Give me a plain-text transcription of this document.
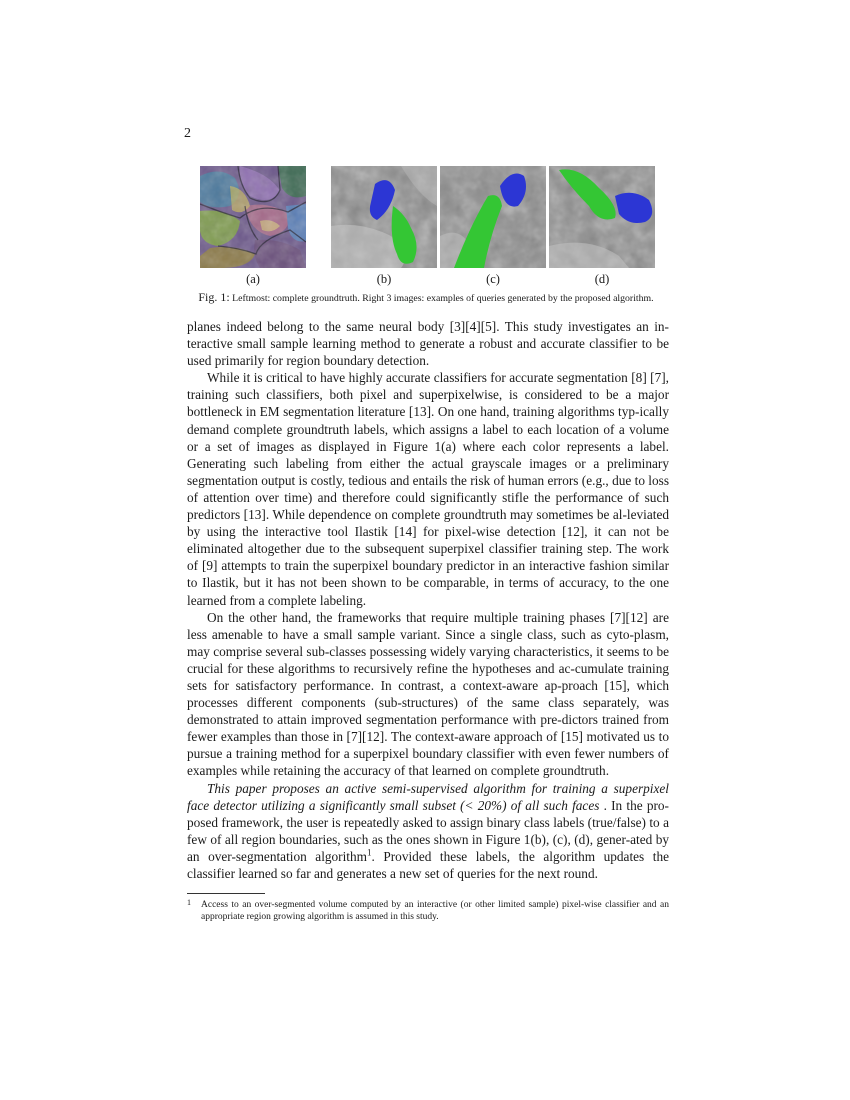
2
(a)	(b)	(c)	(d)
Fig. 1: Leftmost: complete groundtruth. Right 3 images: examples of queries generated by the proposed algorithm.

planes indeed belong to the same neural body [3][4][5]. This study investigates an in-teractive small sample learning method to generate a robust and accurate classifier to be used primarily for region boundary detection.

While it is critical to have highly accurate classifiers for accurate segmentation [8] [7], training such classifiers, both pixel and superpixelwise, is considered to be a major bottleneck in EM segmentation literature [13]. On one hand, training algorithms typ-ically demand complete groundtruth labels, which assigns a label to each location of a volume or a set of images as displayed in Figure 1(a) where each color represents a label. Generating such labeling from either the actual grayscale images or a preliminary segmentation output is costly, tedious and entails the risk of human errors (e.g., due to loss of attention over time) and therefore could significantly stifle the performance of such predictors [13]. While dependence on complete groundtruth may sometimes be al-leviated by using the interactive tool Ilastik [14] for pixel-wise detection [12], it can not be eliminated altogether due to the subsequent superpixel classifier training step. The work of [9] attempts to train the superpixel boundary predictor in an interactive fashion similar to Ilastik, but it has not been shown to be comparable, in terms of accuracy, to the one learned from a complete labeling.

On the other hand, the frameworks that require multiple training phases [7][12] are less amenable to have a small sample variant. Since a single class, such as cyto-plasm, may comprise several sub-classes possessing widely varying characteristics, it seems to be crucial for these algorithms to recursively refine the hypotheses and ac-cumulate training sets for satisfactory performance. In contrast, a context-aware ap-proach [15], which processes different components (sub-structures) of the same class separately, was demonstrated to attain improved segmentation performance with pre-dictors trained from fewer examples than those in [7][12]. The context-aware approach of [15] motivated us to pursue a training method for a superpixel boundary classifier with even fewer numbers of examples while retaining the accuracy of that learned on complete groundtruth.

This paper proposes an active semi-supervised algorithm for training a superpixel face detector utilizing a significantly small subset (< 20%) of all such faces . In the pro-posed framework, the user is repeatedly asked to assign binary class labels (true/false) to a few of all region boundaries, such as the ones shown in Figure 1(b), (c), (d), gener-ated by an over-segmentation algorithm$^1$. Provided these labels, the algorithm updates the classifier learned so far and generates a new set of queries for the next round.

1	Access to an over-segmented volume computed by an interactive (or other limited sample) pixel-wise classifier and an appropriate region growing algorithm is assumed in this study.
